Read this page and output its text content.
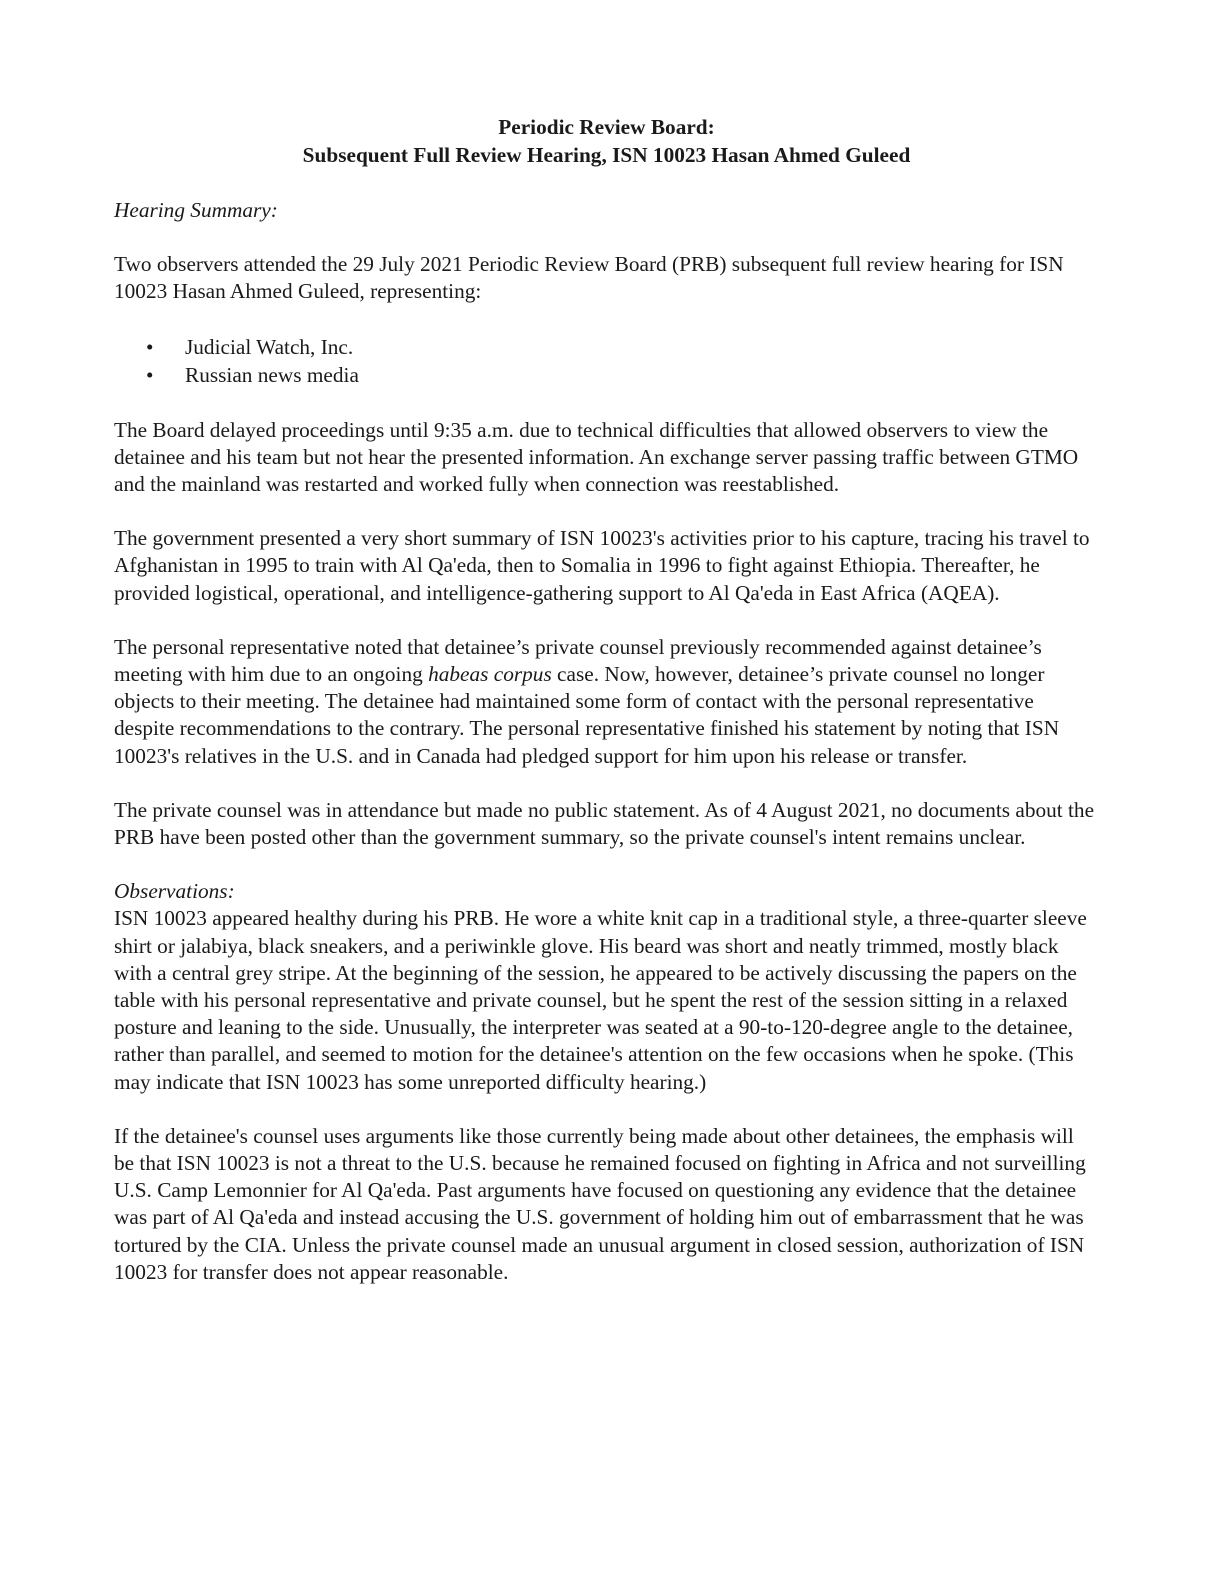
Periodic Review Board:
Subsequent Full Review Hearing, ISN 10023 Hasan Ahmed Guleed

Hearing Summary:

Two observers attended the 29 July 2021 Periodic Review Board (PRB) subsequent full review hearing for ISN 10023 Hasan Ahmed Guleed, representing:

• Judicial Watch, Inc.
• Russian news media

The Board delayed proceedings until 9:35 a.m. due to technical difficulties that allowed observers to view the detainee and his team but not hear the presented information. An exchange server passing traffic between GTMO and the mainland was restarted and worked fully when connection was reestablished.

The government presented a very short summary of ISN 10023's activities prior to his capture, tracing his travel to Afghanistan in 1995 to train with Al Qa'eda, then to Somalia in 1996 to fight against Ethiopia. Thereafter, he provided logistical, operational, and intelligence-gathering support to Al Qa'eda in East Africa (AQEA).

The personal representative noted that detainee’s private counsel previously recommended against detainee’s meeting with him due to an ongoing habeas corpus case. Now, however, detainee’s private counsel no longer objects to their meeting. The detainee had maintained some form of contact with the personal representative despite recommendations to the contrary. The personal representative finished his statement by noting that ISN 10023's relatives in the U.S. and in Canada had pledged support for him upon his release or transfer.

The private counsel was in attendance but made no public statement. As of 4 August 2021, no documents about the PRB have been posted other than the government summary, so the private counsel's intent remains unclear.

Observations:

ISN 10023 appeared healthy during his PRB. He wore a white knit cap in a traditional style, a three-quarter sleeve shirt or jalabiya, black sneakers, and a periwinkle glove. His beard was short and neatly trimmed, mostly black with a central grey stripe. At the beginning of the session, he appeared to be actively discussing the papers on the table with his personal representative and private counsel, but he spent the rest of the session sitting in a relaxed posture and leaning to the side. Unusually, the interpreter was seated at a 90-to-120-degree angle to the detainee, rather than parallel, and seemed to motion for the detainee's attention on the few occasions when he spoke. (This may indicate that ISN 10023 has some unreported difficulty hearing.)

If the detainee's counsel uses arguments like those currently being made about other detainees, the emphasis will be that ISN 10023 is not a threat to the U.S. because he remained focused on fighting in Africa and not surveilling U.S. Camp Lemonnier for Al Qa'eda. Past arguments have focused on questioning any evidence that the detainee was part of Al Qa'eda and instead accusing the U.S. government of holding him out of embarrassment that he was tortured by the CIA. Unless the private counsel made an unusual argument in closed session, authorization of ISN 10023 for transfer does not appear reasonable.
